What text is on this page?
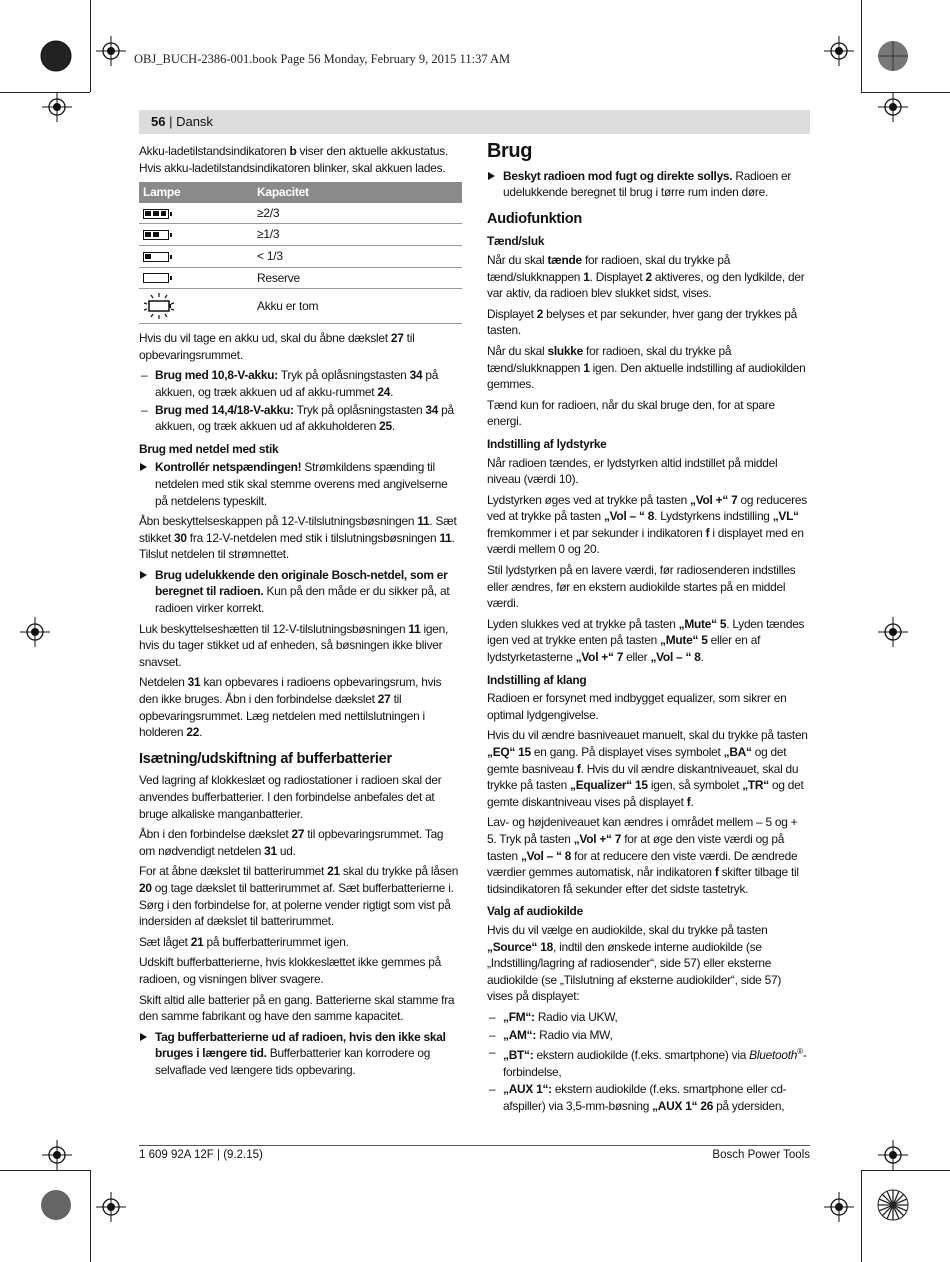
OBJ_BUCH-2386-001.book Page 56 Monday, February 9, 2015 11:37 AM
56 | Dansk

Akku-ladetilstandsindikatoren b viser den aktuelle akkustatus. Hvis akku-ladetilstandsindikatoren blinker, skal akkuen lades.

Lampe	Kapacitet

	≥2/3

	≥1/3

	< 1/3
	Reserve
	Akku er tom

Hvis du vil tage en akku ud, skal du åbne dækslet 27 til opbevaringsrummet.

– Brug med 10,8-V-akku: Tryk på oplåsningstasten 34 på akkuen, og træk akkuen ud af akku-rummet 24.
– Brug med 14,4/18-V-akku: Tryk på oplåsningstasten 34 på akkuen, og træk akkuen ud af akkuholderen 25.
Brug med netdel med stik
Kontrollér netspændingen! Strømkildens spænding til netdelen med stik skal stemme overens med angivelserne på netdelens typeskilt.

Åbn beskyttelseskappen på 12-V-tilslutningsbøsningen 11. Sæt stikket 30 fra 12-V-netdelen med stik i tilslutningsbøsningen 11. Tilslut netdelen til strømnettet.

Brug udelukkende den originale Bosch-netdel, som er beregnet til radioen. Kun på den måde er du sikker på, at radioen virker korrekt.

Luk beskyttelseshætten til 12-V-tilslutningsbøsningen 11 igen, hvis du tager stikket ud af enheden, så bøsningen ikke bliver snavset.

Netdelen 31 kan opbevares i radioens opbevaringsrum, hvis den ikke bruges. Åbn i den forbindelse dækslet 27 til opbevaringsrummet. Læg netdelen med nettilslutningen i holderen 22.

Isætning/udskiftning af bufferbatterier

Ved lagring af klokkeslæt og radiostationer i radioen skal der anvendes bufferbatterier. I den forbindelse anbefales det at bruge alkaliske manganbatterier.

Åbn i den forbindelse dækslet 27 til opbevaringsrummet. Tag om nødvendigt netdelen 31 ud.

For at åbne dækslet til batterirummet 21 skal du trykke på låsen 20 og tage dækslet til batterirummet af. Sæt bufferbatterierne i. Sørg i den forbindelse for, at polerne vender rigtigt som vist på indersiden af dækslet til batterirummet.

Sæt låget 21 på bufferbatterirummet igen.

Udskift bufferbatterierne, hvis klokkeslættet ikke gemmes på radioen, og visningen bliver svagere.

Skift altid alle batterier på en gang. Batterierne skal stamme fra den samme fabrikant og have den samme kapacitet.

Tag bufferbatterierne ud af radioen, hvis den ikke skal bruges i længere tid. Bufferbatterier kan korrodere og selvaflade ved længere tids opbevaring.
Brug
Beskyt radioen mod fugt og direkte sollys. Radioen er udelukkende beregnet til brug i tørre rum inden døre.
Audiofunktion
Tænd/sluk

Når du skal tænde for radioen, skal du trykke på tænd/slukknappen 1. Displayet 2 aktiveres, og den lydkilde, der var aktiv, da radioen blev slukket sidst, vises.

Displayet 2 belyses et par sekunder, hver gang der trykkes på tasten.

Når du skal slukke for radioen, skal du trykke på tænd/slukknappen 1 igen. Den aktuelle indstilling af audiokilden gemmes.

Tænd kun for radioen, når du skal bruge den, for at spare energi.

Indstilling af lydstyrke

Når radioen tændes, er lydstyrken altid indstillet på middel niveau (værdi 10).

Lydstyrken øges ved at trykke på tasten „Vol +“ 7 og reduceres ved at trykke på tasten „Vol – “ 8. Lydstyrkens indstilling „VL“ fremkommer i et par sekunder i indikatoren f i displayet med en værdi mellem 0 og 20.

Stil lydstyrken på en lavere værdi, før radiosenderen indstilles eller ændres, før en ekstern audiokilde startes på en middel værdi.

Lyden slukkes ved at trykke på tasten „Mute“ 5. Lyden tændes igen ved at trykke enten på tasten „Mute“ 5 eller en af lydstyrketasterne „Vol +“ 7 eller „Vol – “ 8.

Indstilling af klang

Radioen er forsynet med indbygget equalizer, som sikrer en optimal lydgengivelse.

Hvis du vil ændre basniveauet manuelt, skal du trykke på tasten „EQ“ 15 en gang. På displayet vises symbolet „BA“ og det gemte basniveau f. Hvis du vil ændre diskantniveauet, skal du trykke på tasten „Equalizer“ 15 igen, så symbolet „TR“ og det gemte diskantniveau vises på displayet f.

Lav- og højdeniveauet kan ændres i området mellem – 5 og + 5. Tryk på tasten „Vol +“ 7 for at øge den viste værdi og på tasten „Vol – “ 8 for at reducere den viste værdi. De ændrede værdier gemmes automatisk, når indikatoren f skifter tilbage til tidsindikatoren få sekunder efter det sidste tastetryk.

Valg af audiokilde

Hvis du vil vælge en audiokilde, skal du trykke på tasten „Source“ 18, indtil den ønskede interne audiokilde (se „Indstilling/lagring af radiosender“, side 57) eller eksterne audiokilde (se „Tilslutning af eksterne audiokilder“, side 57) vises på displayet:

– „FM“: Radio via UKW,
– „AM“: Radio via MW,
– „BT“: ekstern audiokilde (f.eks. smartphone) via Bluetooth®-forbindelse,
– „AUX 1“: ekstern audiokilde (f.eks. smartphone eller cd-afspiller) via 3,5-mm-bøsning „AUX 1“ 26 på ydersiden,
1 609 92A 12F | (9.2.15)	Bosch Power Tools
